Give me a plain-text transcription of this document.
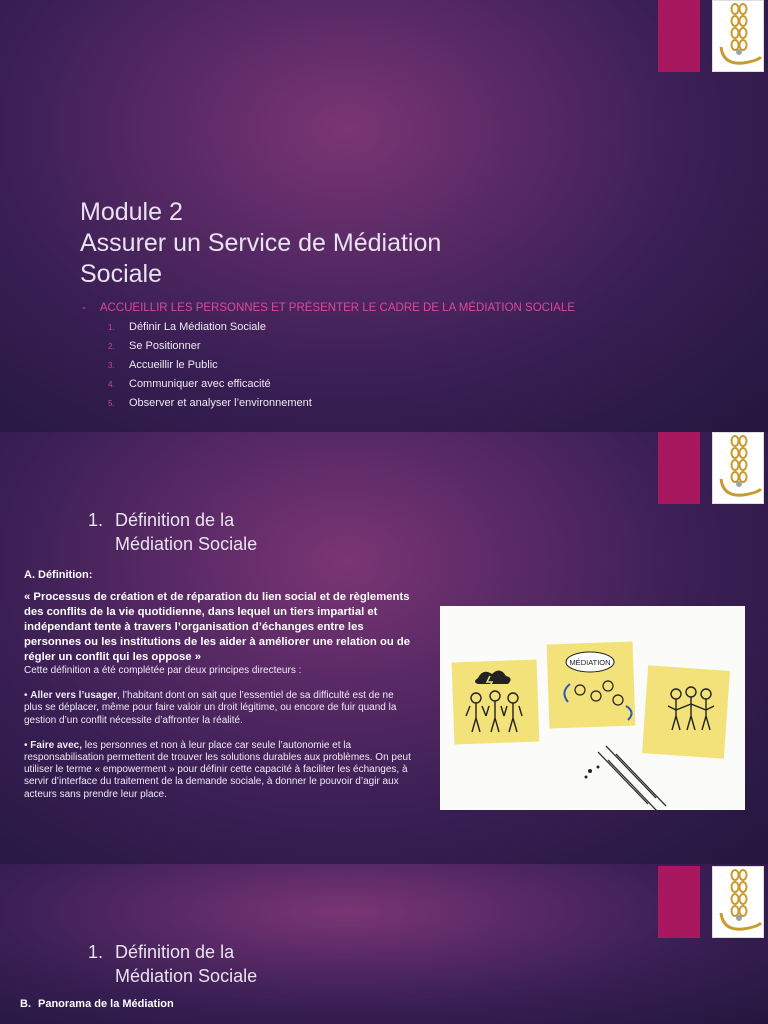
Module 2
Assurer un Service de Médiation
Sociale
- ACCUEILLIR LES PERSONNES ET PRÉSENTER LE CADRE DE LA MÉDIATION SOCIALE
1. Définir La Médiation Sociale
2. Se Positionner
3. Accueillir le Public
4. Communiquer avec efficacité
5. Observer et analyser l’environnement
1. Définition de la
Médiation Sociale
A. Définition:

« Processus de création et de réparation du lien social et de règlements des conflits de la vie quotidienne, dans lequel un tiers impartial et indépendant tente à travers l’organisation d’échanges entre les personnes ou les institutions de les aider à améliorer une relation ou de régler un conflit qui les oppose »

Cette définition a été complétée par deux principes directeurs :

• Aller vers l’usager, l’habitant dont on sait que l’essentiel de sa difficulté est de ne plus se déplacer, même pour faire valoir un droit légitime, ou encore de fuir quand la gestion d’un conflit nécessite d’affronter la réalité.

• Faire avec, les personnes et non à leur place car seule l’autonomie et la responsabilisation permettent de trouver les solutions durables aux problèmes. On peut utiliser le terme « empowerment » pour définir cette capacité à faciliter les échanges, à servir d’interface du traitement de la demande sociale, à donner le pouvoir d’agir aux acteurs sans prendre leur place.

MÉDIATION
1. Définition de la
Médiation Sociale
B. Panorama de la Médiation
